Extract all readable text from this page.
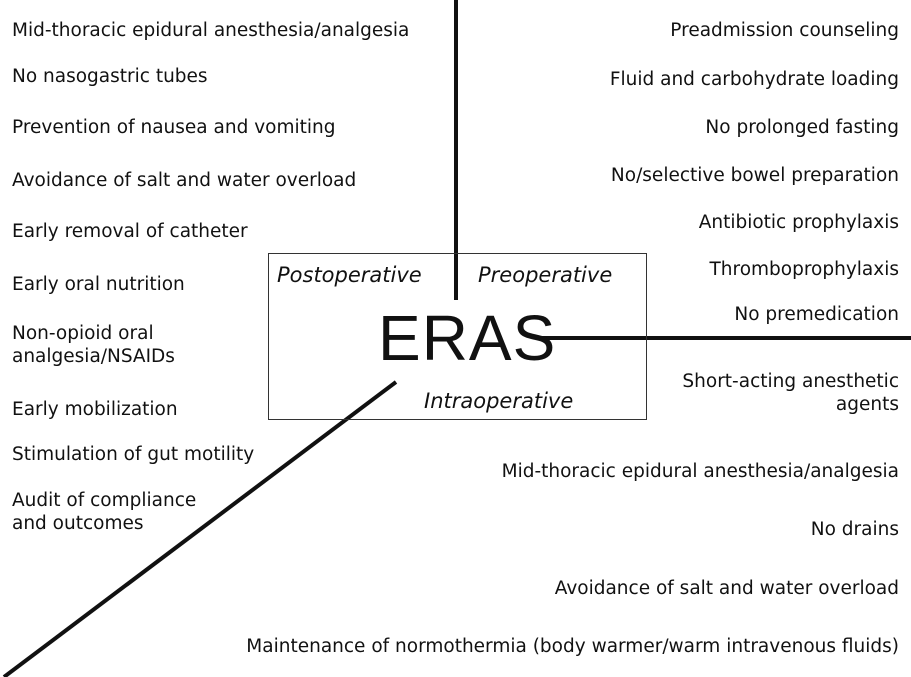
Postoperative	Preoperative
Intraoperative
ERAS
Mid-thoracic epidural anesthesia/analgesia
No nasogastric tubes
Prevention of nausea and vomiting
Avoidance of salt and water overload
Early removal of catheter
Early oral nutrition
Non-opioid oral analgesia/NSAIDs
Early mobilization
Stimulation of gut motility
Audit of compliance and outcomes
Preadmission counseling
Fluid and carbohydrate loading
No prolonged fasting
No/selective bowel preparation
Antibiotic prophylaxis
Thromboprophylaxis
No premedication
Short-acting anesthetic agents
Mid-thoracic epidural anesthesia/analgesia
No drains
Avoidance of salt and water overload
Maintenance of normothermia (body warmer/warm intravenous fluids)
